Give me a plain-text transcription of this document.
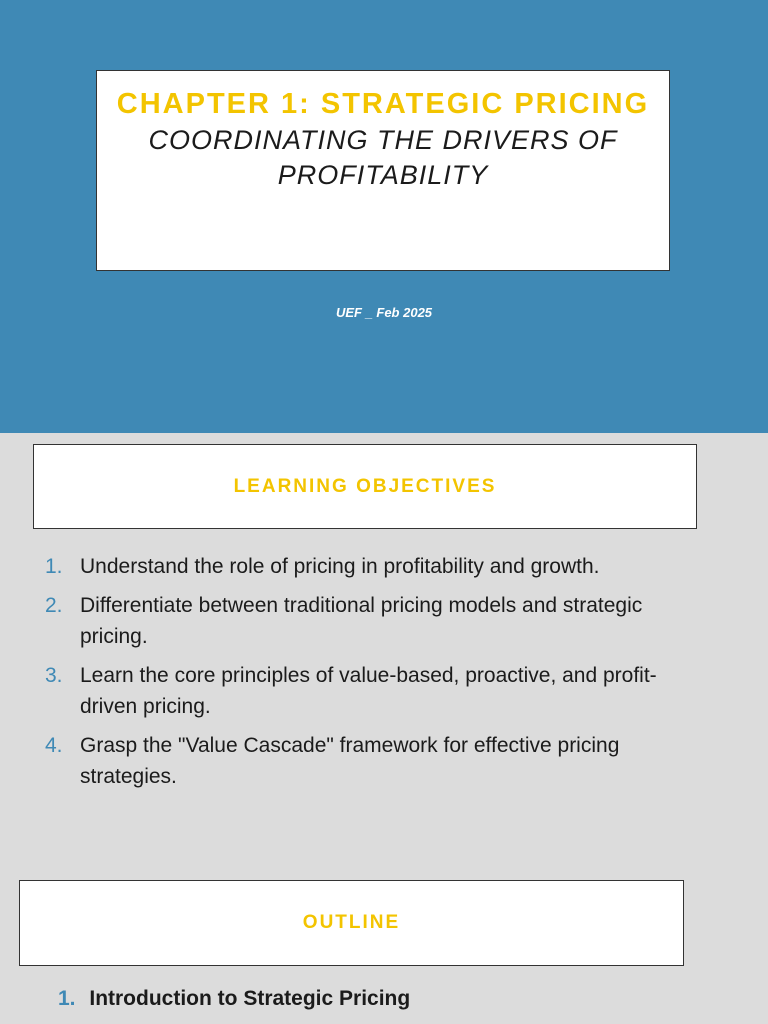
CHAPTER 1: STRATEGIC PRICING
COORDINATING THE DRIVERS OF PROFITABILITY
UEF _ Feb 2025
LEARNING OBJECTIVES
1. Understand the role of pricing in profitability and growth.
2. Differentiate between traditional pricing models and strategic pricing.
3. Learn the core principles of value-based, proactive, and profit-driven pricing.
4. Grasp the "Value Cascade" framework for effective pricing strategies.
OUTLINE
1. Introduction to Strategic Pricing
